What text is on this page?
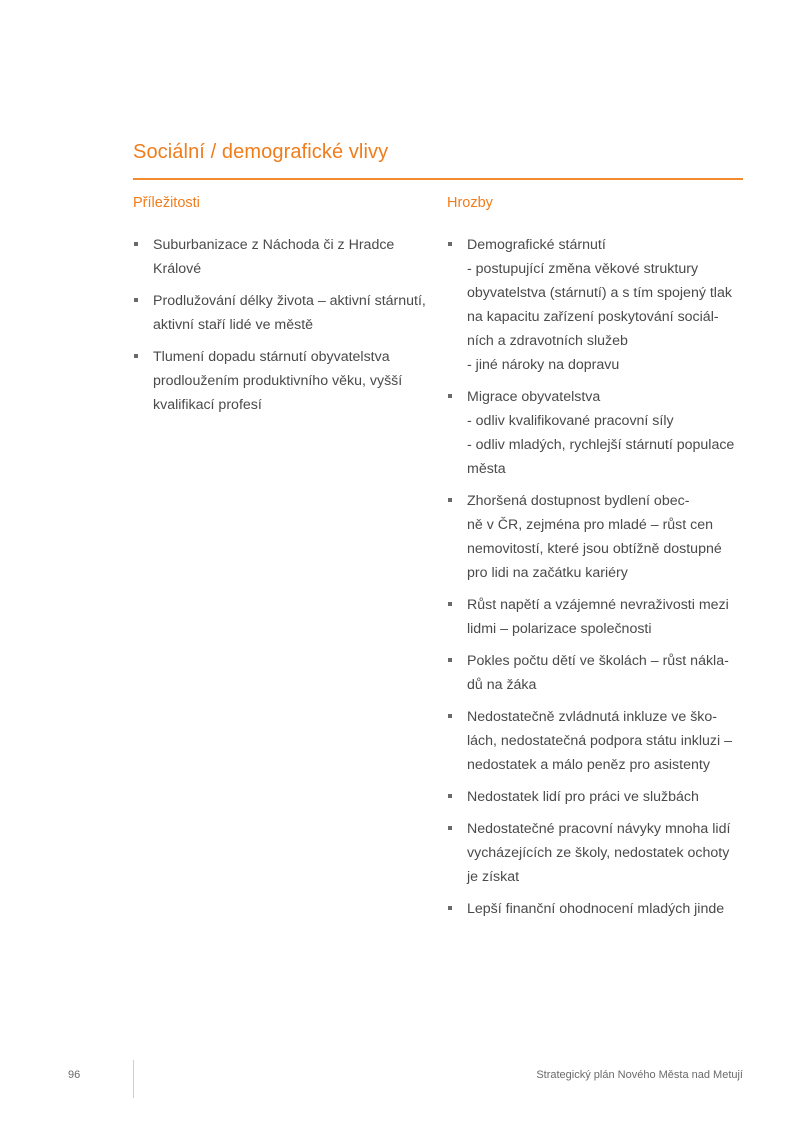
Sociální / demografické vlivy
Příležitosti
Suburbanizace z Náchoda či z Hradce
Králové
Prodlužování délky života – aktivní stárnutí,
aktivní staří lidé ve městě
Tlumení dopadu stárnutí obyvatelstva
prodloužením produktivního věku, vyšší
kvalifikací profesí
Hrozby
Demografické stárnutí
- postupující změna věkové struktury
obyvatelstva (stárnutí) a s tím spojený tlak
na kapacitu zařízení poskytování sociál-
ních a zdravotních služeb
- jiné nároky na dopravu
Migrace obyvatelstva
- odliv kvalifikované pracovní síly
- odliv mladých, rychlejší stárnutí populace
města
Zhoršená dostupnost bydlení obec-
ně v ČR, zejména pro mladé – růst cen
nemovitostí, které jsou obtížně dostupné
pro lidi na začátku kariéry
Růst napětí a vzájemné nevraživosti mezi
lidmi – polarizace společnosti
Pokles počtu dětí ve školách – růst nákla-
dů na žáka
Nedostatečně zvládnutá inkluze ve ško-
lách, nedostatečná podpora státu inkluzi –
nedostatek a málo peněz pro asistenty
Nedostatek lidí pro práci ve službách
Nedostatečné pracovní návyky mnoha lidí
vycházejících ze školy, nedostatek ochoty
je získat
Lepší finanční ohodnocení mladých jinde
96	Strategický plán Nového Města nad Metují
